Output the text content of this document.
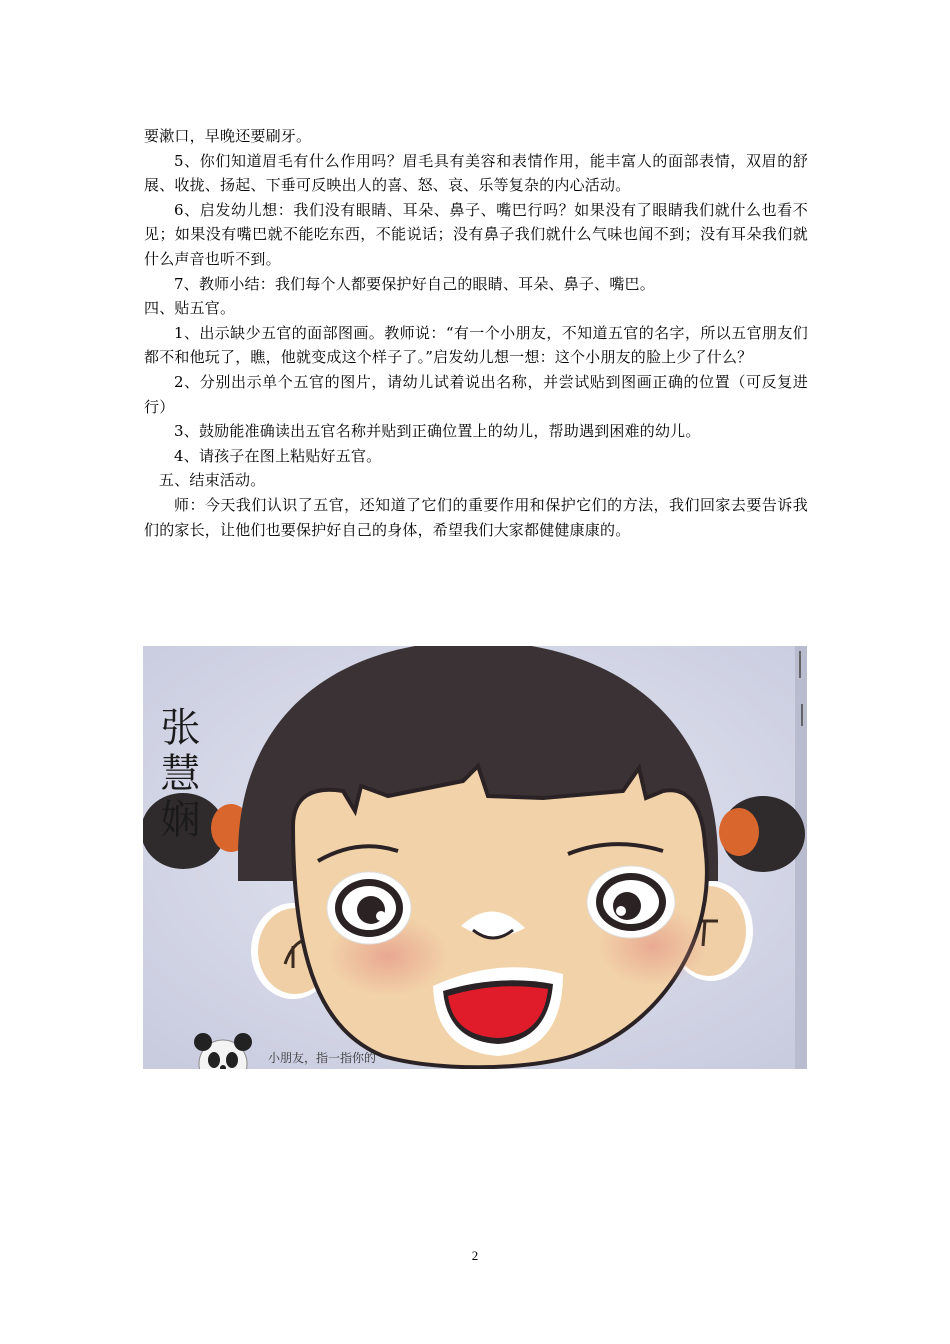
要漱口，早晚还要刷牙。

5、你们知道眉毛有什么作用吗？眉毛具有美容和表情作用，能丰富人的面部表情，双眉的舒展、收拢、扬起、下垂可反映出人的喜、怒、哀、乐等复杂的内心活动。

6、启发幼儿想：我们没有眼睛、耳朵、鼻子、嘴巴行吗？如果没有了眼睛我们就什么也看不见；如果没有嘴巴就不能吃东西，不能说话；没有鼻子我们就什么气味也闻不到；没有耳朵我们就什么声音也听不到。

7、教师小结：我们每个人都要保护好自己的眼睛、耳朵、鼻子、嘴巴。

四、贴五官。

1、出示缺少五官的面部图画。教师说：“有一个小朋友，不知道五官的名字，所以五官朋友们都不和他玩了，瞧，他就变成这个样子了。”启发幼儿想一想：这个小朋友的脸上少了什么？

2、分别出示单个五官的图片，请幼儿试着说出名称，并尝试贴到图画正确的位置（可反复进行）

3、鼓励能准确读出五官名称并贴到正确位置上的幼儿，帮助遇到困难的幼儿。

4、请孩子在图上粘贴好五官。

五、结束活动。

师：今天我们认识了五官，还知道了它们的重要作用和保护它们的方法，我们回家去要告诉我们的家长，让他们也要保护好自己的身体，希望我们大家都健健康康的。

张慧娴
小朋友，指一指你的
2
